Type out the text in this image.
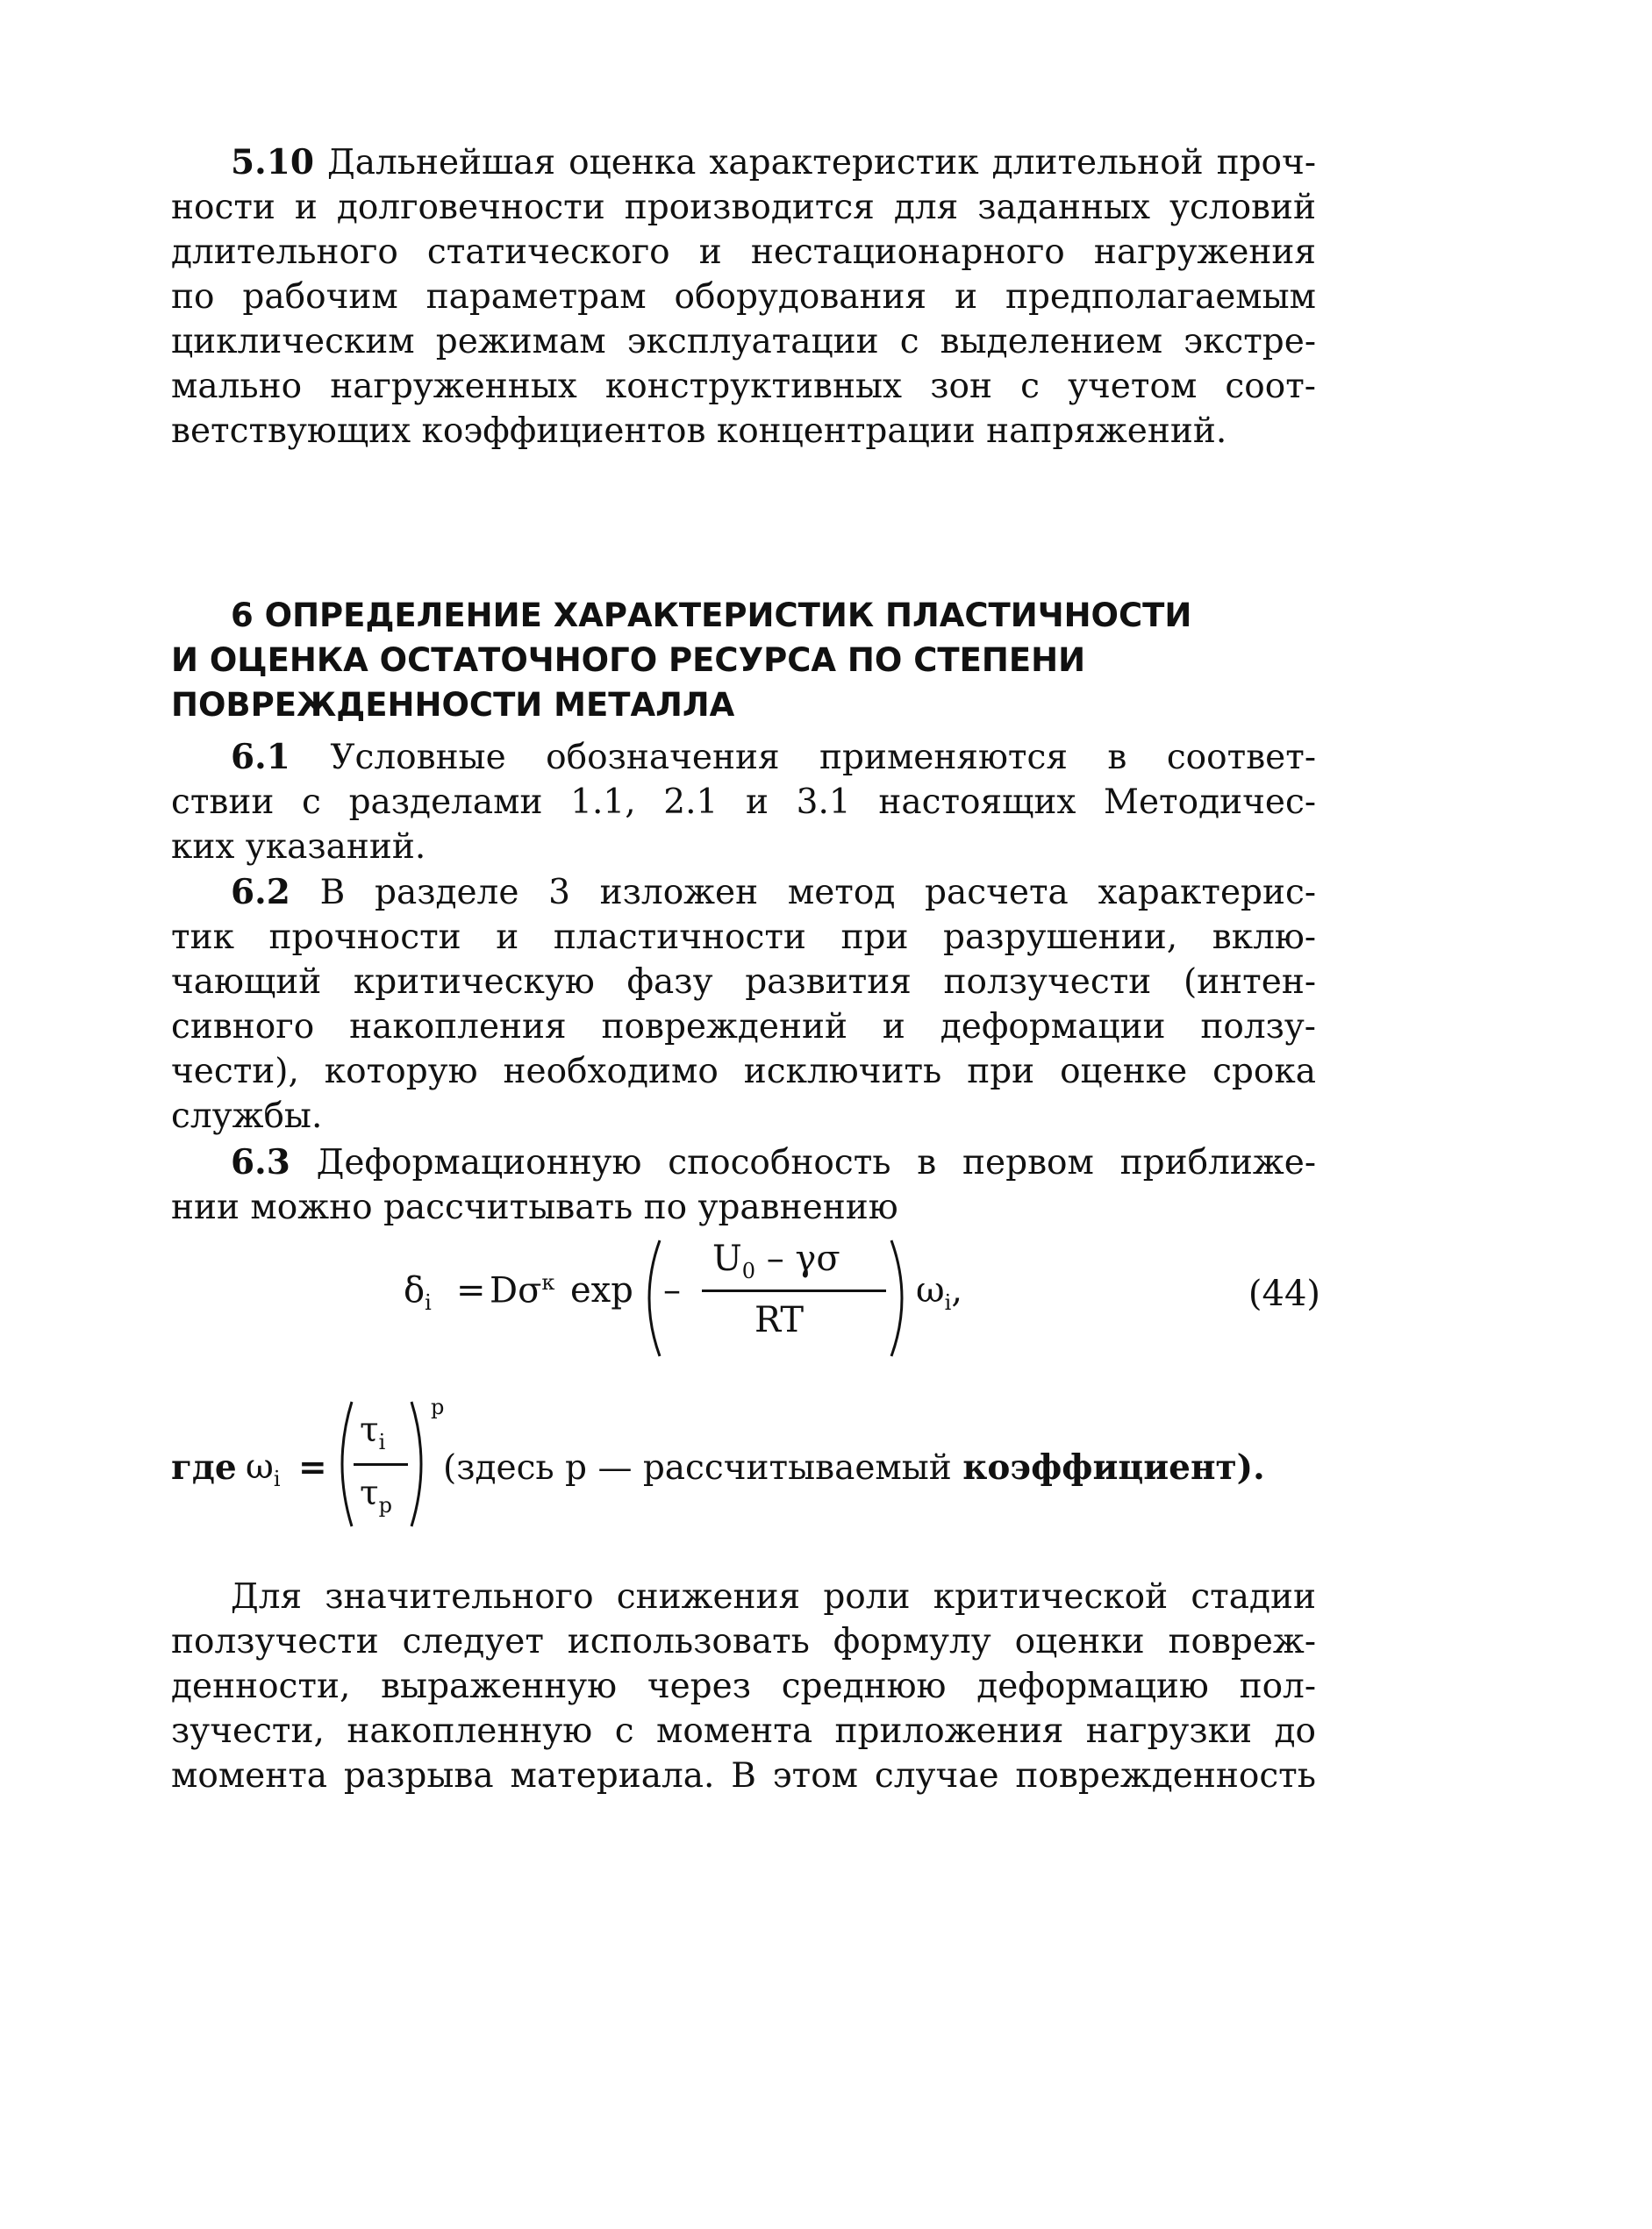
5.10 Дальнейшая оценка характеристик длительной проч-
ности и долговечности производится для заданных условий
длительного статического и нестационарного нагружения
по рабочим параметрам оборудования и предполагаемым
циклическим режимам эксплуатации с выделением экстре-
мально нагруженных конструктивных зон с учетом соот-
ветствующих коэффициентов концентрации напряжений.
6 ОПРЕДЕЛЕНИЕ ХАРАКТЕРИСТИК ПЛАСТИЧНОСТИ
И ОЦЕНКА ОСТАТОЧНОГО РЕСУРСА ПО СТЕПЕНИ
ПОВРЕЖДЕННОСТИ МЕТАЛЛА
6.1 Условные обозначения применяются в соответ-
ствии с разделами 1.1, 2.1 и 3.1 настоящих Методичес-
ких указаний.
6.2 В разделе 3 изложен метод расчета характерис-
тик прочности и пластичности при разрушении, вклю-
чающий критическую фазу развития ползучести (интен-
сивного накопления повреждений и деформации ползу-
чести), которую необходимо исключить при оценке срока
службы.
6.3 Деформационную способность в первом приближе-
нии можно рассчитывать по уравнению
$\delta_i = D\sigma^к$ exp –
$U_0$ – γσ
RT
$\omega_i$,	(44)
где $\omega_i$ =
$\tau_i$
$\tau_p$
p
(здесь р — рассчитываемый коэффициент).
Для значительного снижения роли критической стадии
ползучести следует использовать формулу оценки повреж-
денности, выраженную через среднюю деформацию пол-
зучести, накопленную с момента приложения нагрузки до
момента разрыва материала. В этом случае поврежденность
